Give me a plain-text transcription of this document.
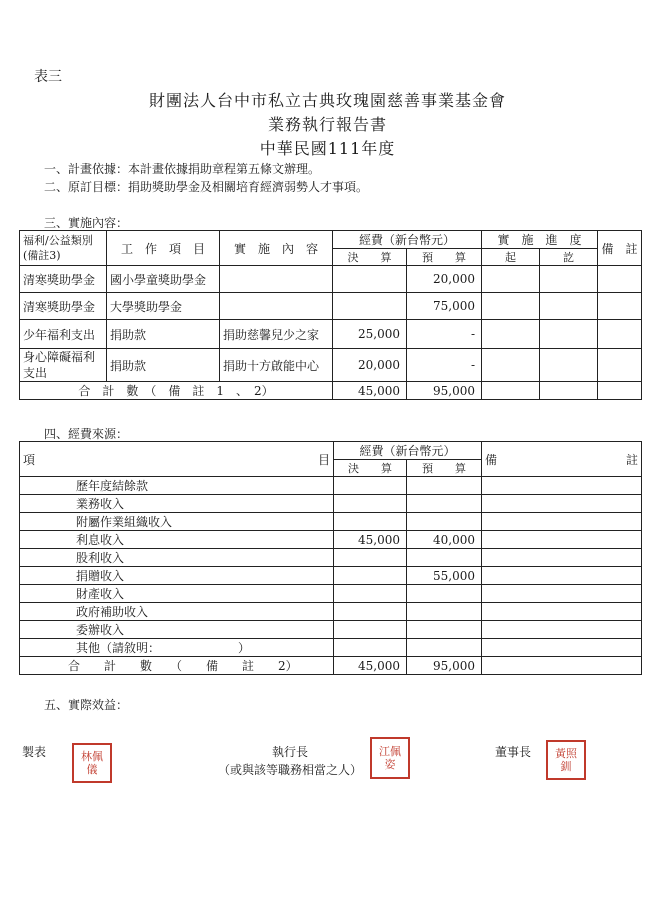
表三
財團法人台中市私立古典玫瑰園慈善事業基金會
業務執行報告書
中華民國111年度
一、計畫依據：本計畫依據捐助章程第五條文辦理。
二、原訂目標：捐助獎助學金及相關培育經濟弱勢人才事項。
三、實施內容：
福利/公益類別(備註3)	工　作　項　目	實　施　內　容	經費（新台幣元）		實　施　進　度		備　註
			決　　算	預　　算	起	訖	
清寒獎助學金	國小學童獎助學金			20,000			
清寒獎助學金	大學獎助學金			75,000			
少年福利支出	捐助款	捐助慈馨兒少之家	25,000	-			

身心障礙福利支出	捐助款	捐助十方啟能中心	20,000	-			
合　計　數　（　備　註　1　、　2）			45,000	95,000			
四、經費來源：
項 目	經費（新台幣元）		備 註

	決　　算	預　　算	
歷年度結餘款			
業務收入			
附屬作業組織收入			
利息收入	45,000	40,000	
股利收入			
捐贈收入		55,000	
財產收入			
政府補助收入			
委辦收入			
其他（請敘明：　　　　　　　）			
合　　計　　數　　（　　備　　註　　2）	45,000	95,000	
五、實際效益：
製表	林佩儀
執行長
（或與該等職務相當之人）
江佩姿
董事長	黃照釧
